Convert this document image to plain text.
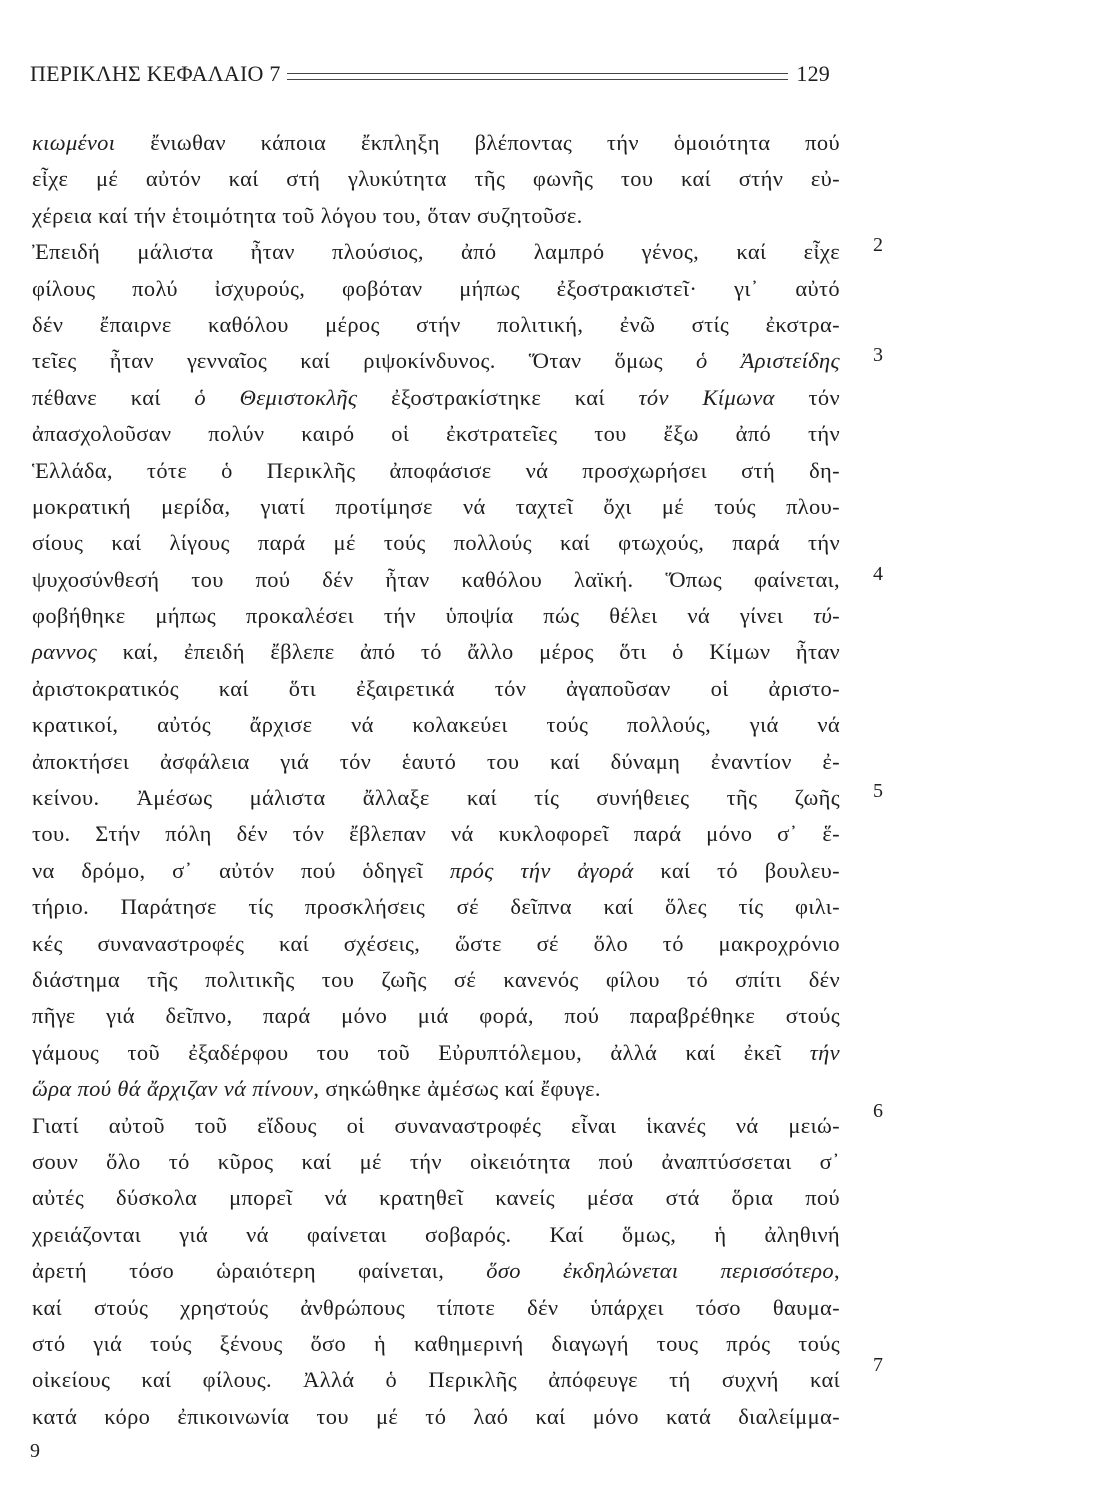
ΠΕΡΙΚΛΗΣ ΚΕΦΑΛΑΙΟ 7	129
κιωμένοι ἔνιωθαν κάποια ἔκπληξη βλέποντας τήν ὁμοιότητα πού
εἶχε μέ αὐτόν καί στή γλυκύτητα τῆς φωνῆς του καί στήν εὐ-
χέρεια καί τήν ἑτοιμότητα τοῦ λόγου του, ὅταν συζητοῦσε.
Ἐπειδή μάλιστα ἦταν πλούσιος, ἀπό λαμπρό γένος, καί εἶχε
φίλους πολύ ἰσχυρούς, φοβόταν μήπως ἐξοστρακιστεῖ· γι᾿ αὐτό
δέν ἔπαιρνε καθόλου μέρος στήν πολιτική, ἐνῶ στίς ἐκστρα-
τεῖες ἦταν γενναῖος καί ριψοκίνδυνος. Ὅταν ὅμως ὁ Ἀριστείδης
πέθανε καί ὁ Θεμιστοκλῆς ἐξοστρακίστηκε καί τόν Κίμωνα τόν
ἀπασχολοῦσαν πολύν καιρό οἱ ἐκστρατεῖες του ἔξω ἀπό τήν
Ἑλλάδα, τότε ὁ Περικλῆς ἀποφάσισε νά προσχωρήσει στή δη-
μοκρατική μερίδα, γιατί προτίμησε νά ταχτεῖ ὄχι μέ τούς πλου-
σίους καί λίγους παρά μέ τούς πολλούς καί φτωχούς, παρά τήν
ψυχοσύνθεσή του πού δέν ἦταν καθόλου λαϊκή. Ὅπως φαίνεται,
φοβήθηκε μήπως προκαλέσει τήν ὑποψία πώς θέλει νά γίνει τύ-
ραννος καί, ἐπειδή ἔβλεπε ἀπό τό ἄλλο μέρος ὅτι ὁ Κίμων ἦταν
ἀριστοκρατικός καί ὅτι ἐξαιρετικά τόν ἀγαποῦσαν οἱ ἀριστο-
κρατικοί, αὐτός ἄρχισε νά κολακεύει τούς πολλούς, γιά νά
ἀποκτήσει ἀσφάλεια γιά τόν ἑαυτό του καί δύναμη ἐναντίον ἐ-
κείνου. Ἀμέσως μάλιστα ἄλλαξε καί τίς συνήθειες τῆς ζωῆς
του. Στήν πόλη δέν τόν ἔβλεπαν νά κυκλοφορεῖ παρά μόνο σ᾿ ἕ-
να δρόμο, σ᾿ αὐτόν πού ὁδηγεῖ πρός τήν ἀγορά καί τό βουλευ-
τήριο. Παράτησε τίς προσκλήσεις σέ δεῖπνα καί ὅλες τίς φιλι-
κές συναναστροφές καί σχέσεις, ὥστε σέ ὅλο τό μακροχρόνιο
διάστημα τῆς πολιτικῆς του ζωῆς σέ κανενός φίλου τό σπίτι δέν
πῆγε γιά δεῖπνο, παρά μόνο μιά φορά, πού παραβρέθηκε στούς
γάμους τοῦ ἐξαδέρφου του τοῦ Εὐρυπτόλεμου, ἀλλά καί ἐκεῖ τήν
ὥρα πού θά ἄρχιζαν νά πίνουν, σηκώθηκε ἀμέσως καί ἔφυγε.
Γιατί αὐτοῦ τοῦ εἴδους οἱ συναναστροφές εἶναι ἱκανές νά μειώ-
σουν ὅλο τό κῦρος καί μέ τήν οἰκειότητα πού ἀναπτύσσεται σ᾿
αὐτές δύσκολα μπορεῖ νά κρατηθεῖ κανείς μέσα στά ὅρια πού
χρειάζονται γιά νά φαίνεται σοβαρός. Καί ὅμως, ἡ ἀληθινή
ἀρετή τόσο ὡραιότερη φαίνεται, ὅσο ἐκδηλώνεται περισσότερο,
καί στούς χρηστούς ἀνθρώπους τίποτε δέν ὑπάρχει τόσο θαυμα-
στό γιά τούς ξένους ὅσο ἡ καθημερινή διαγωγή τους πρός τούς
οἰκείους καί φίλους. Ἀλλά ὁ Περικλῆς ἀπόφευγε τή συχνή καί
κατά κόρο ἐπικοινωνία του μέ τό λαό καί μόνο κατά διαλείμμα-
2
3
4
5
6
7
9
